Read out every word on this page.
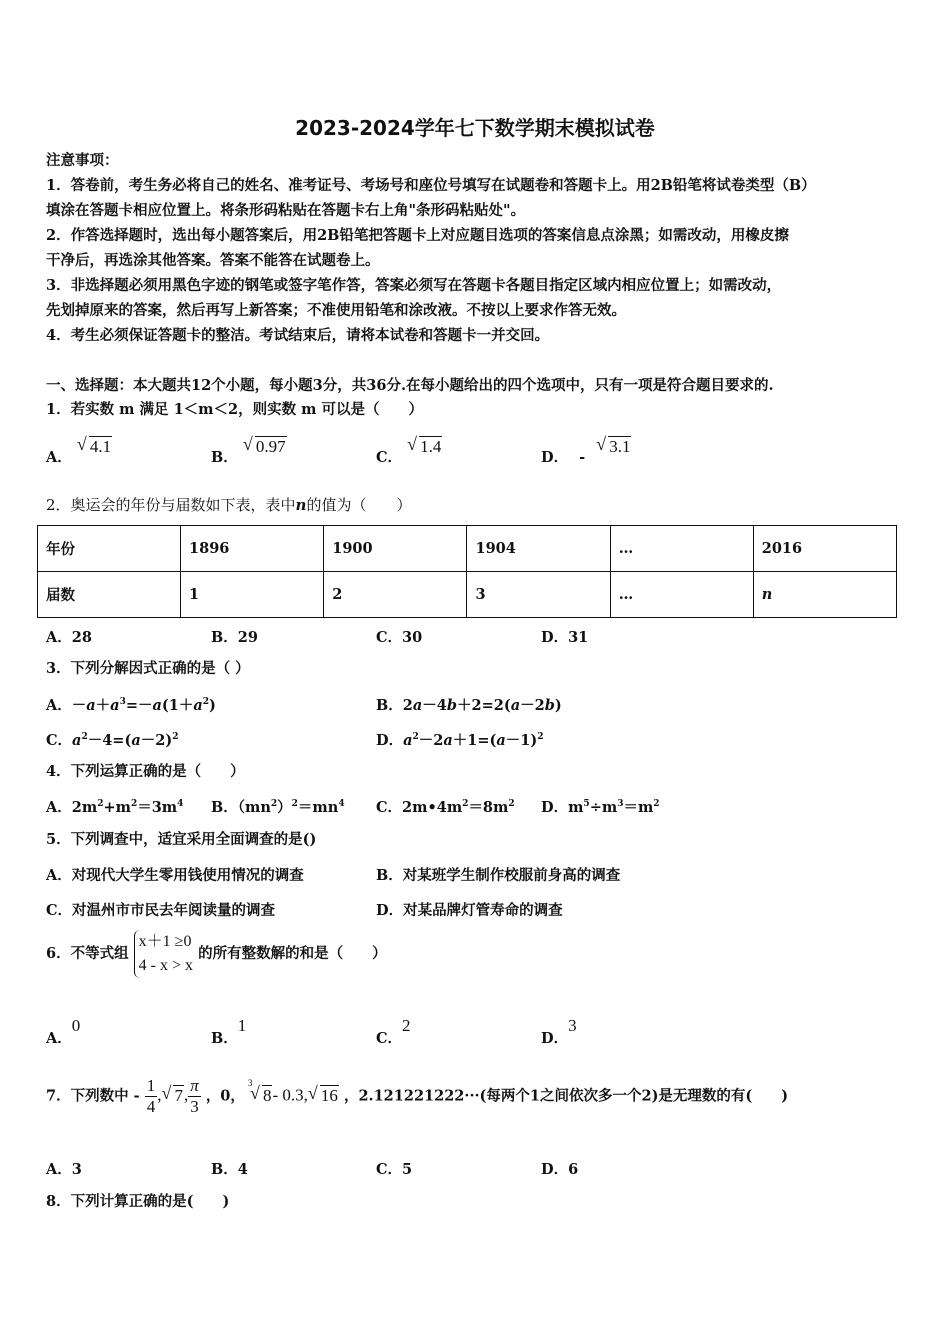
2023-2024学年七下数学期末模拟试卷
注意事项：
1．答卷前，考生务必将自己的姓名、准考证号、考场号和座位号填写在试题卷和答题卡上。用2B铅笔将试卷类型（B）
填涂在答题卡相应位置上。将条形码粘贴在答题卡右上角"条形码粘贴处"。
2．作答选择题时，选出每小题答案后，用2B铅笔把答题卡上对应题目选项的答案信息点涂黑；如需改动，用橡皮擦
干净后，再选涂其他答案。答案不能答在试题卷上。
3．非选择题必须用黑色字迹的钢笔或签字笔作答，答案必须写在答题卡各题目指定区域内相应位置上；如需改动，
先划掉原来的答案，然后再写上新答案；不准使用铅笔和涂改液。不按以上要求作答无效。
4．考生必须保证答题卡的整洁。考试结束后，请将本试卷和答题卡一并交回。
一、选择题：本大题共12个小题，每小题3分，共36分.在每小题给出的四个选项中，只有一项是符合题目要求的.
1．若实数 m 满足 1＜m＜2，则实数 m 可以是（　　）
A．
√ 4.1
B．
√ 0.97
C．
√ 1.4
D． -
√ 3.1
2．奥运会的年份与届数如下表，表中n的值为（　　）
年份	1896	1900	1904	…	2016
届数	1	2	3	…	n
A．28	B．29	C．30	D．31
3．下列分解因式正确的是（ ）
A．$-a+a^3=-a(1+a^2)$	B．2a－4b＋2=2(a－2b)
C．$a^2-4=(a-2)^2$	D．$a^2-2a+1=(a-1)^2$
4．下列运算正确的是（　　）
A．$2m^2+m^2=3m^4$ B．$(mn^2)^2=mn^4$ C．$2m•4m^2=8m^2$ D．$m^5\div m^3=m^2$
5．下列调查中，适宜采用全面调查的是()
A．对现代大学生零用钱使用情况的调查	B．对某班学生制作校服前身高的调查
C．对温州市市民去年阅读量的调查	D．对某品牌灯管寿命的调查
6．不等式组
x＋1 ≥0
4 - x > x
的所有整数解的和是（　　）
A．0
B．1
C．2
D．3
7．下列数中 - $\frac{1}{4}$ , √ 7, $\frac{\pi}{3}$ ，0，
3
√ 8- 0.3, √ 16 ，2.121221222···(每两个1之间依次多一个2)是无理数的有(　　)
A．3	B．4	C．5	D．6
8．下列计算正确的是(　　)
